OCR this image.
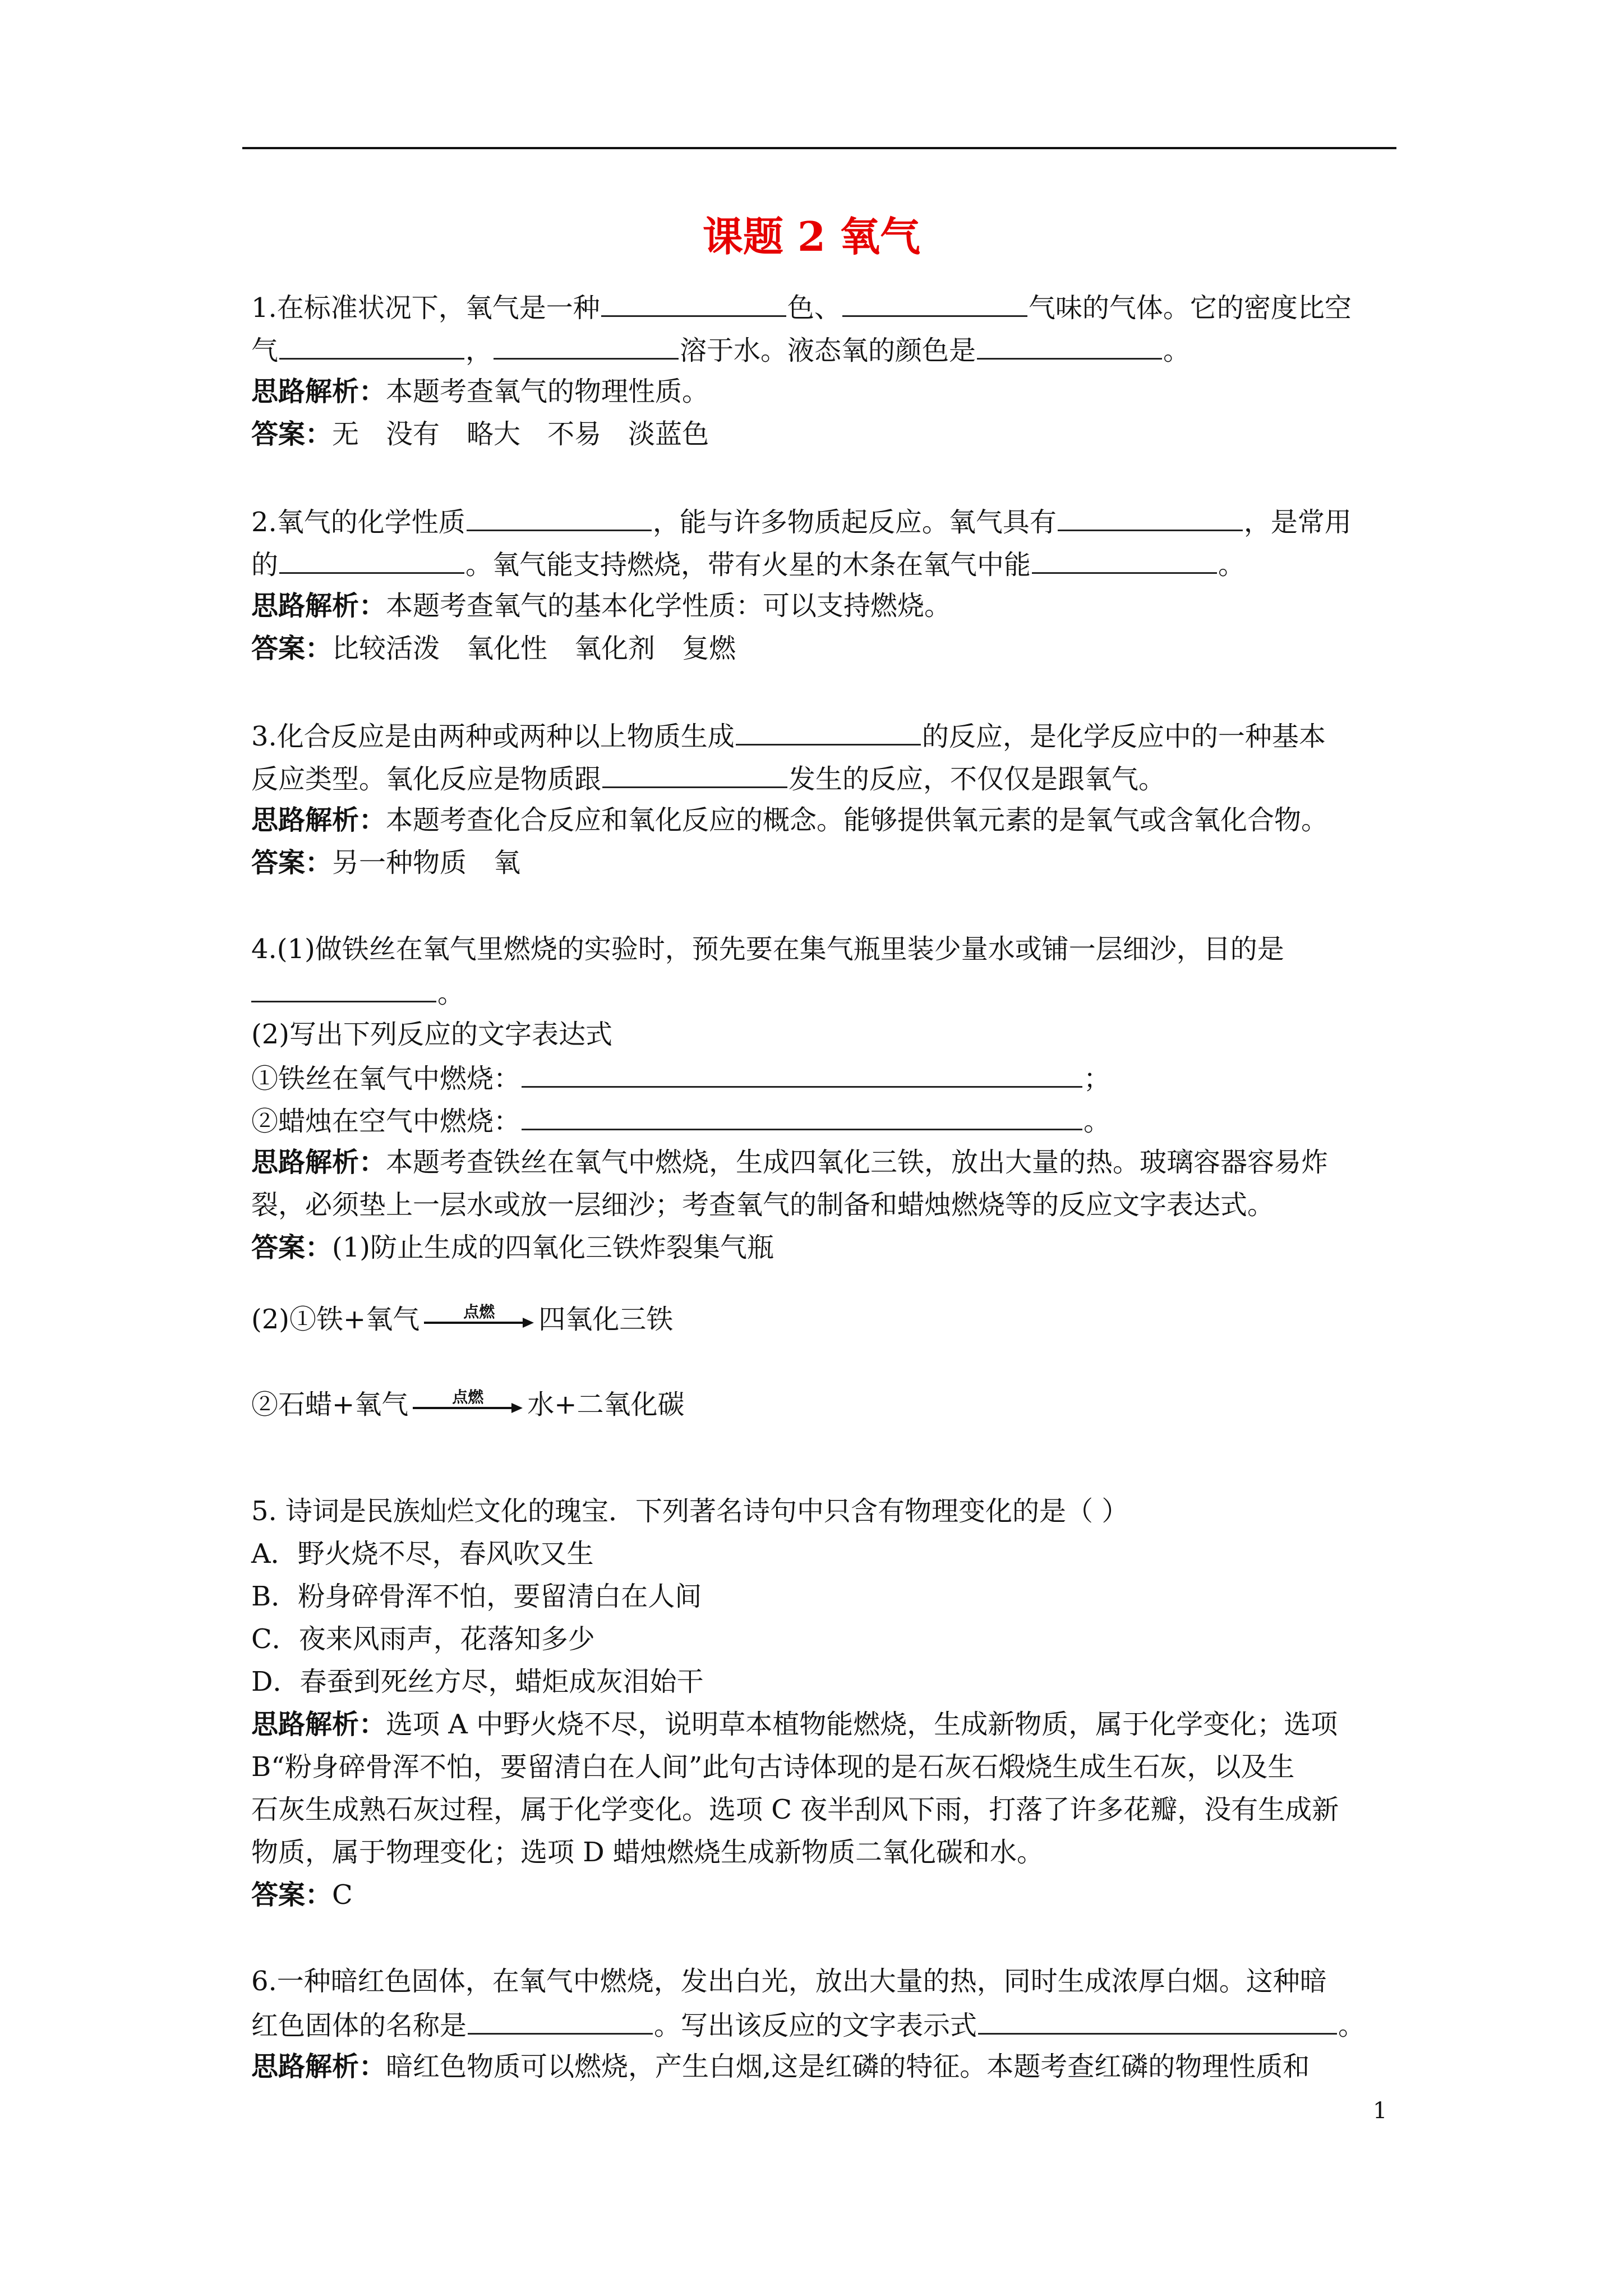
课题 2 氧气
1.在标准状况下，氧气是一种	色、	气味的气体。它的密度比空
气	，	溶于水。液态氧的颜色是	。
思路解析：本题考查氧气的物理性质。
答案：无 没有 略大 不易 淡蓝色
2.氧气的化学性质	，能与许多物质起反应。氧气具有	，是常用
的	。氧气能支持燃烧，带有火星的木条在氧气中能	。
思路解析：本题考查氧气的基本化学性质：可以支持燃烧。
答案：比较活泼 氧化性 氧化剂 复燃
3.化合反应是由两种或两种以上物质生成	的反应，是化学反应中的一种基本
反应类型。氧化反应是物质跟	发生的反应，不仅仅是跟氧气。
思路解析：本题考查化合反应和氧化反应的概念。能够提供氧元素的是氧气或含氧化合物。
答案：另一种物质 氧
4.(1)做铁丝在氧气里燃烧的实验时，预先要在集气瓶里装少量水或铺一层细沙，目的是
。
(2)写出下列反应的文字表达式
①铁丝在氧气中燃烧：	；
②蜡烛在空气中燃烧：	。
思路解析：本题考查铁丝在氧气中燃烧，生成四氧化三铁，放出大量的热。玻璃容器容易炸
裂，必须垫上一层水或放一层细沙；考查氧气的制备和蜡烛燃烧等的反应文字表达式。
答案：(1)防止生成的四氧化三铁炸裂集气瓶
(2)①铁+氧气	点燃	四氧化三铁
②石蜡+氧气	点燃	水+二氧化碳
5. 诗词是民族灿烂文化的瑰宝．下列著名诗句中只含有物理变化的是（ ）
A．野火烧不尽，春风吹又生
B．粉身碎骨浑不怕，要留清白在人间
C．夜来风雨声，花落知多少
D．春蚕到死丝方尽，蜡炬成灰泪始干
思路解析：选项 A 中野火烧不尽，说明草本植物能燃烧，生成新物质，属于化学变化；选项
B“粉身碎骨浑不怕，要留清白在人间”此句古诗体现的是石灰石煅烧生成生石灰，以及生
石灰生成熟石灰过程，属于化学变化。选项 C 夜半刮风下雨，打落了许多花瓣，没有生成新
物质，属于物理变化；选项 D 蜡烛燃烧生成新物质二氧化碳和水。
答案：C
6.一种暗红色固体，在氧气中燃烧，发出白光，放出大量的热，同时生成浓厚白烟。这种暗
红色固体的名称是	。写出该反应的文字表示式	。
思路解析：暗红色物质可以燃烧，产生白烟,这是红磷的特征。本题考查红磷的物理性质和
1
